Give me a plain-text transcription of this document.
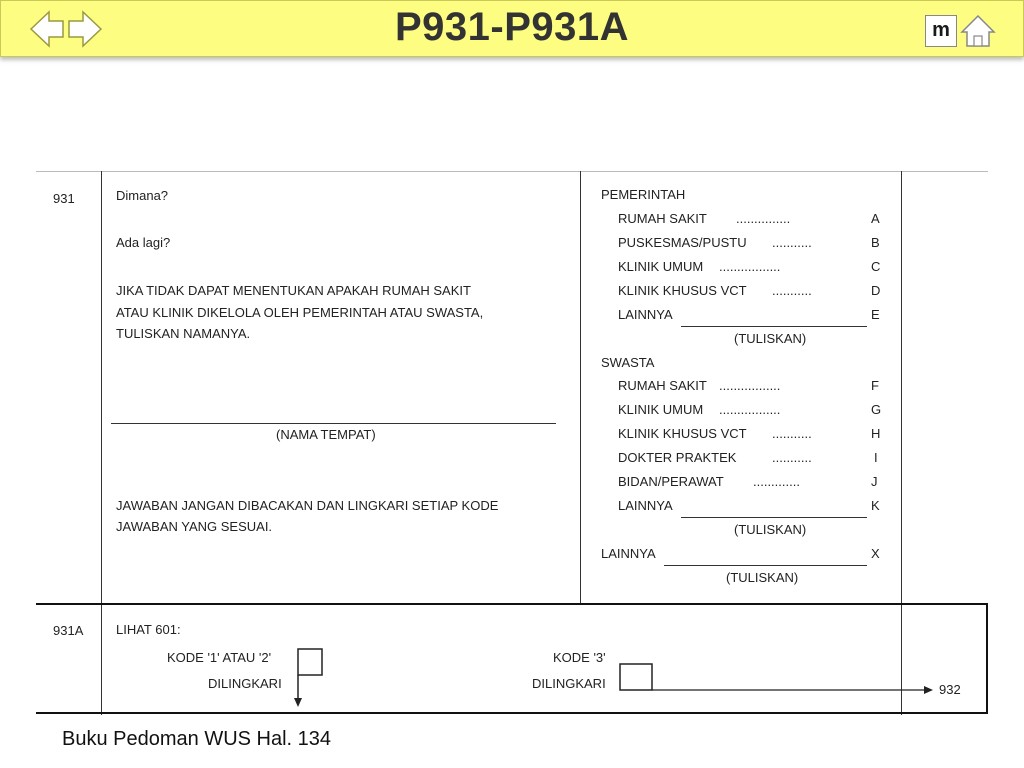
P931-P931A	m
931	Dimana?
Ada lagi?
JIKA TIDAK DAPAT MENENTUKAN APAKAH RUMAH SAKIT
ATAU KLINIK DIKELOLA OLEH PEMERINTAH ATAU SWASTA,
TULISKAN NAMANYA.
(NAMA TEMPAT)
JAWABAN JANGAN DIBACAKAN DAN LINGKARI SETIAP KODE
JAWABAN YANG SESUAI.
PEMERINTAH
RUMAH SAKIT ...............	A
PUSKESMAS/PUSTU ...........	B
KLINIK UMUM .................	C
KLINIK KHUSUS VCT ...........	D
LAINNYA	E
(TULISKAN)
SWASTA
RUMAH SAKIT .................	F
KLINIK UMUM .................	G
KLINIK KHUSUS VCT ...........	H
DOKTER PRAKTEK	...........	I
BIDAN/PERAWAT .............	J
LAINNYA	K
(TULISKAN)
LAINNYA	X
(TULISKAN)
931A	LIHAT 601:
KODE '1' ATAU '2'
DILINGKARI
KODE '3'
DILINGKARI	932
Buku Pedoman WUS Hal. 134
